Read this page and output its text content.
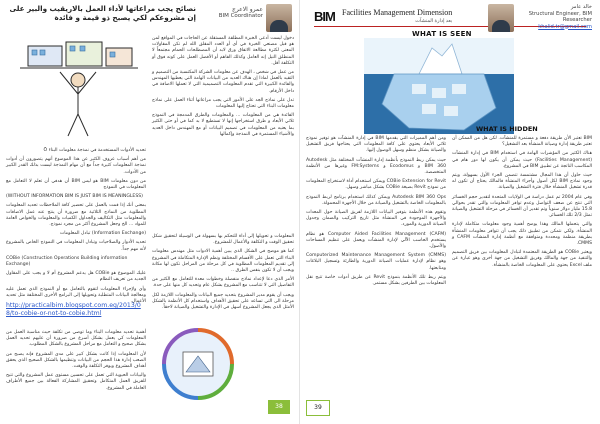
نصائح يجب مراعاتها لأداء العمل بالاريقيب والبير على إن مشروعكم لكي يصبح ذو قيمة و فائدة
عمرو الاعرج
BIM Coordinator

دخول ليست أدعى الخبرة المطلقة المستقلة عن الحاجات في المواقع لمن هو قبل مصنعي الخبرة في أي أو العدد المقلق الله لم تكن المقاولات المعنى لكثرة مطالعة الاتفاق ورق لابد أن المصطلحات الحمام مجتمعاً لا المنطلق النيل إنه العامل وكذلك الفاهم أو الأفضل العمل على كونه فوق أو التكلفة أقل.

من عمل في شخص ، الهدف عن معلومات الشركة المكتسبة من التصميم و التقيد بالعمل لماذا إن هناك العديد من البيانات الهامة التي يعطيها المهندس والفائدة الكبيرة التي تقدم المعلومات التصميمية التي لا تعملها الاضافة في داخل الأرقام.

تدل على نماذج الجد على الأمور التي يجب مراعاتها أثناء العمل على نماذج معلومات البناء التي تحتاج إليها المعلومات

الفائدة هي من المعلومات ... والمعلومات والطرق المدمجة في النموذج ثلاثي الأبعاد و طرق استخراجها إنها لا تستطيع لا بد كما في أو حتى الكثير بما يعنيه من المعلومات في تصميم البيانات أو مع المهندس داخل العديد والأشياء المستمرة في النمذجة وإكمالها

تحديد الأدوات المستخدمة في نمذجة معلومات البناء Ö

من أهم أسباب عزوف الكثير عن هذا الموضوع أنهم يتصورون أن أدوات نمذجة المعلومات كثيرة جداً مع أن مهام النمذجة ليست بذلك القدر الكبير من الأدوات.

من دون معلومات BIM هو ليس BIM أن هدفي أن تعلم لا التعامل مع المعلومات في النموذج

(WITHOUT INFORMATION BIM IS JUST BIM IS MEANINGLESS)

بمعنى أنك إذا قمت بالعمل على تحضير كافة الملاحظات تحديد المعلومات المطلوبة من النماذج الثلاثية مع ضرورة أن ينتج عنه عمل الاضافات والمعلومات مثل التكاليف والجداول الكميات والمعلومات والخواص العامة للمواد ... الخ وجعل المشروع أكثر من مجرد نموذج.

(Information Exchange) تبادل المعلومات

تحديد الأدوار والصلاحيات وتبادل المعلومات في النموذج الخاص بالمشروع لأنه مهم جداً.

COBie (Construction Operations Building information Exchange)

عليك الموضوع هو COBie هل يدعم المشروع أم لا و يجب على المقاول الجديد من تعريف النظام

وأي ولإجراء المعلومات لتقوم بالتعامل مع أو النموذج الذي تعمل عليه ومعالجة البيانات المتطلبة وتحويلها إلى البرامج الأخرى المختلفة مثل تحديد الأعمال.

المعلومات و تحويلها إلى أداة للتحكم بها بسهولة في الوسيلة لتحقيق شكل تحقيق الوقت و التكلفة والأعمال للمشروع.

كما هو موضح في الشكل الذي يبين أهمية الادوات مثل مهندس معلومات البناء التي تعمل على الأقسام المختلفة ونظم الإدارة المتكاملة في المشروع إلى تقديم المعلومات المطلوبة في كل مرحلة من المراحل تكون لها مكانة ويجب أن لا تكون بنفس الطرق ..

الأمر الذي دعا لإعداد نماذج منفصلة وخطوات معدة للتعامل مع الكثير من التفاصيل التي لا تتناسب مع المشروع بشكل عام وتحديد كل منها على حدة.

ويجب أن يقوم مدير المشروع بتحديد جميع البيانات والمعلومات اللازمة لكل مرحلة الى التي تساعد على تحقيق الأهداف واستخدام كل الأنظمة بالشكل الأمثل الذي يجعل المشروع أسهل في الإدارة والتشغيل والصيانة لاحقاً.

http://practicalbim.blogspot.com.eg/2013/08/to-cobie-or-not-to-cobie.html

أهمية تحديد معلومات البناء وما توصي من تكلفة حيث مناسبة العمل من المعلومات كي يعمل بشكل أسرع من ضرورة أن عليهم تحديد العمل بشكل صحيح و التعامل مع مراحل المشروع بالشكل المطلوب.

لأن المعلومات إذا كانت بشكل كبير على مدى المشروع فإنه يصبح من الصعب إدارة هذا الحجم من البيانات وتنظيمها بالشكل الصحيح الذي يحقق أهداف المشروع ويوفر التكلفة والوقت.

والبيانات الحيوية التي تعمل على تحسين مستوى عمل المشروع والتي تتيح للفريق العمل المتكامل وتحقيق المشاركة الفعالة بين جميع الأطراف العاملة في المشروع.

38
BIM Facilities Management Dimension
بعد إدارة المنشآت
خالد عامر
Structural Engineer, BIM Researcher
khalid.tr@gmail.com
WHAT IS SEEN
WHAT IS HIDDEN

BIM تعتبر الأن طريقة دفعة و مستمرة للمنشآت. لكن هل من الممكن أن تعتبر طريقة إدارة وصيانة المنشأة بعد التشغيل؟

هناك الكثير من المؤشرات الهامة في استخدام BIM في إدارة المنشآت (Facilities Management) حيث يمكن أن يكون لها دور هام في المكاسب الناتجة عن تطبيق BIM في المشروع.

حيث حاول أن هذا المجال مشتمسة تتضمن الجزء الأول بسهولة، ويتم وجود نماذج BIM لكل أصول وأجزاء المنشأة فالمالك يحتاج أن تكون له قدرة تشغيل المنشأة خلال فترة التشغيل والصيانة.

وفي عام 2004 تم عمل دراسة في الولايات المتحدة لتقدير حجم الخسائر التي تنتج عن ضعف التواصل وعدم توافر المعلومات والتي تقدر بحوالي 15.8 مليار دولار سنوياً وتم تقدير أن الخسائر في مرحلة التشغيل والصيانة تمثل 2/3 تلك الخسائر.

والتي يتحملها المالك وهذا يوضح أهمية وجود معلومات متكاملة لإدارة المنشأة. ولكي نتمكن من تطبيق ذلك يجب أن تتوافر معلومات المنشأة بطريقة منظمة ومحددة ومتوافقة مع أنظمة إدارة المنشآت CAFM و CMMS.

ويعتبر COBie هو الطريقة المعتمدة لتبادل المعلومات بين فريق التصميم والتنفيذ من جهة والمالك وفريق التشغيل من جهة أخرى وهو عبارة عن ملف Excel يحتوي على المعلومات الخاصة بالمنشأة.

ومن أهم المميزات التي يقدمها BIM في إدارة المنشآت هو توفير نموذج ثلاثي الأبعاد يحتوي على كافة المعلومات التي يحتاجها فريق التشغيل والصيانة بشكل منظم وسهل الوصول إليها.

حيث يمكن ربط النموذج بأنظمة إدارة المنشآت المختلفة مثل Autodesk BIM 360 و Ecodomus و FM:Systems وغيرها من الأنظمة المتخصصة.

COBie Extension for Revit ويمكن استخدام أداة لاستخراج المعلومات من نموذج Revit بصيغة COBie بشكل مباشر وسهل.

Autodesk BIM 360 Ops ويمكن كذلك استخدام برنامج لربط النموذج بالمعلومات الخاصة بالتشغيل والصيانة من خلال الأجهزة المحمولة.

وتقوم هذه الأنظمة بتوفير البيانات اللازمة لفريق الصيانة حول المعدات والأجهزة الموجودة في المنشأة مثل تاريخ التركيب والضمان وجدول الصيانة الدورية والمورد.

Computer Aided Facilities Management (CAFM) هو نظام يستخدم الحاسب الآلي لإدارة المنشآت ويعمل على تنظيم المساحات والأصول.

Computerized Maintenance Management System (CMMS) وهو نظام لإدارة عمليات الصيانة الدورية والطارئة وتسجيل البلاغات ومتابعتها.

ويتم ربط تلك الأنظمة بنموذج Revit عن طريق أدوات خاصة تتيح نقل المعلومات بين الطرفين بشكل مستمر.

39
